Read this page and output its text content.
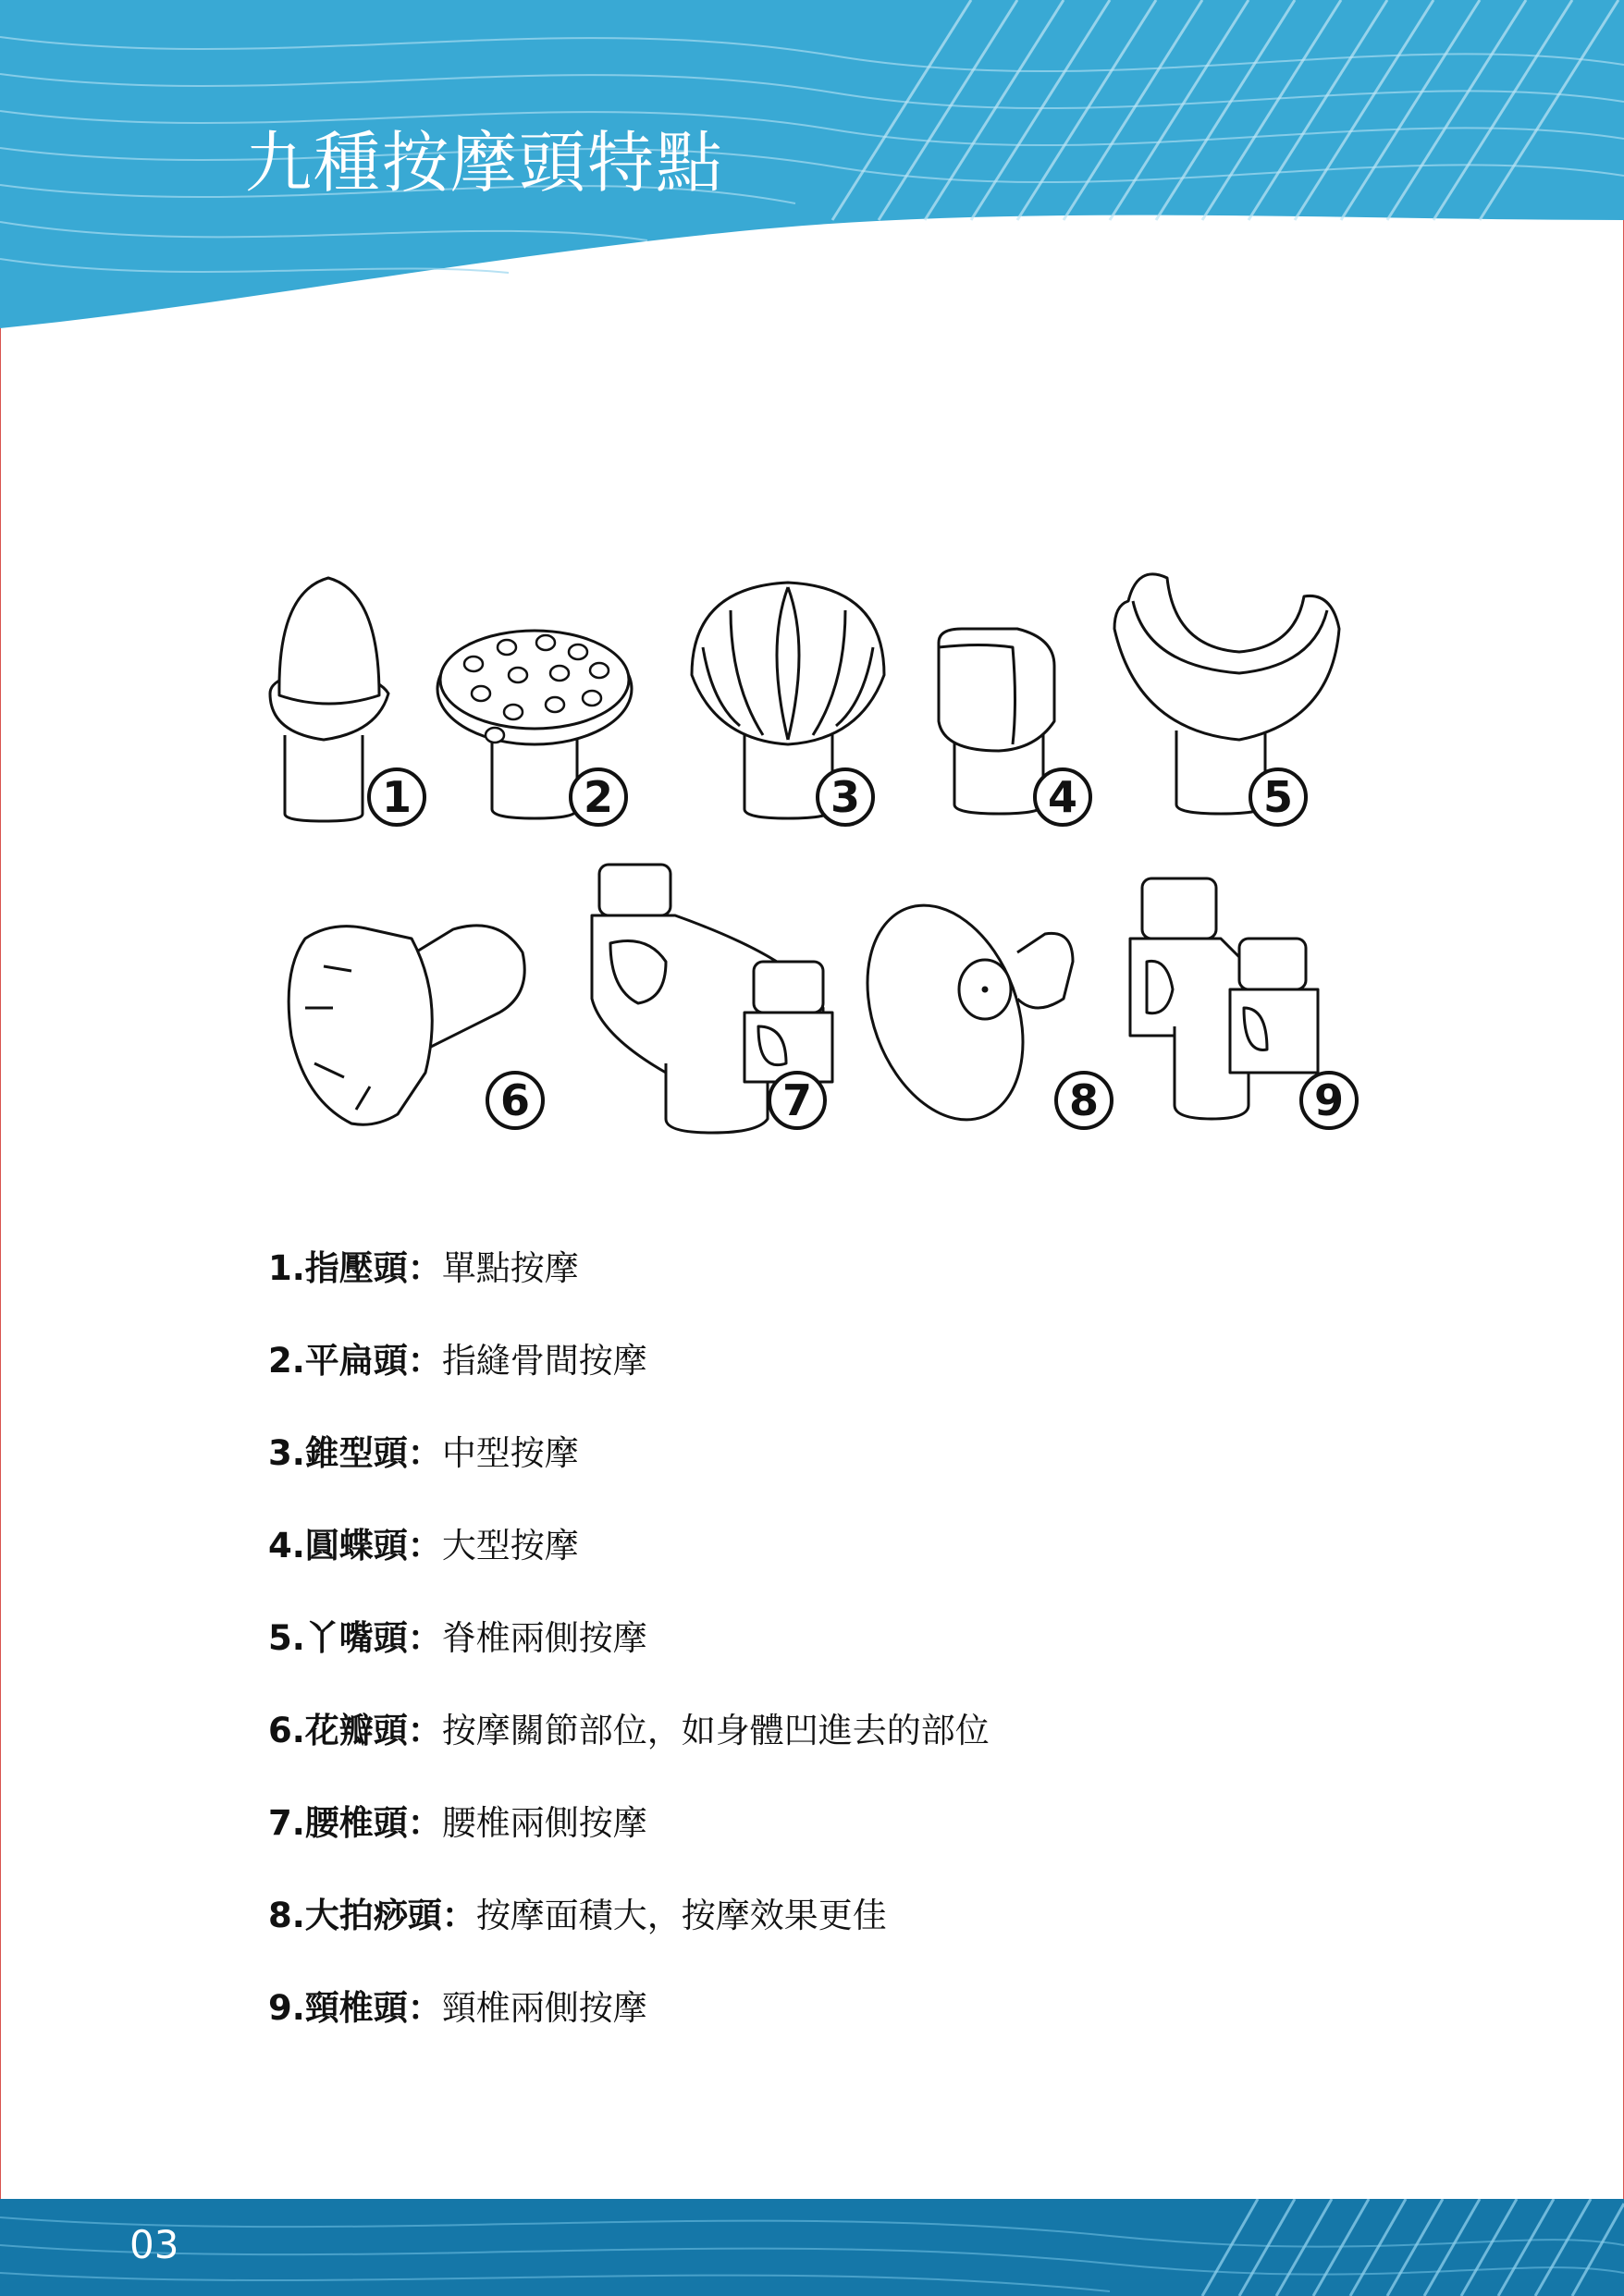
九種按摩頭特點
1	2	3	4	5
6	7	8	9
1.指壓頭： 單點按摩
2.平扁頭： 指縫骨間按摩
3.錐型頭： 中型按摩
4.圓蝶頭： 大型按摩
5.丫嘴頭： 脊椎兩側按摩
6.花瓣頭： 按摩關節部位，如身體凹進去的部位
7.腰椎頭： 腰椎兩側按摩
8.大拍痧頭： 按摩面積大，按摩效果更佳
9.頸椎頭： 頸椎兩側按摩
03
